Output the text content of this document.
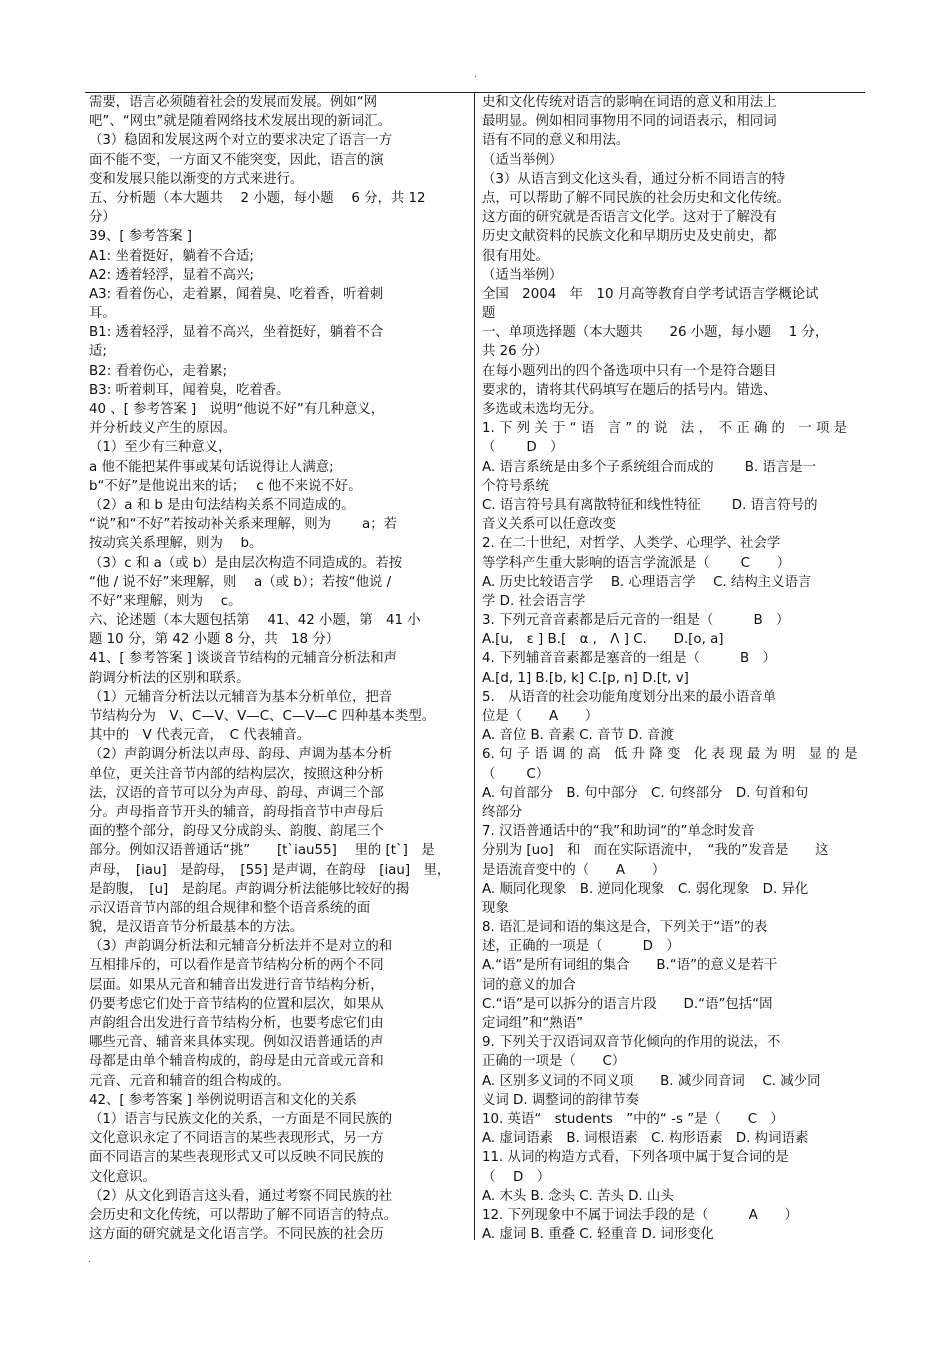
.
需要，语言必须随着社会的发展而发展。例如“网
吧”、“网虫”就是随着网络技术发展出现的新词汇。
（3）稳固和发展这两个对立的要求决定了语言一方
面不能不变，一方面又不能突变，因此，语言的演
变和发展只能以渐变的方式来进行。
五、分析题（本大题共　 2 小题，每小题　 6 分，共 12
分）
39、[ 参考答案 ]
A1: 坐着挺好，躺着不合适;
A2: 透着轻浮，显着不高兴;
A3: 看着伤心，走着累，闻着臭、吃着香，听着刺
耳。
B1: 透着轻浮，显着不高兴，坐着挺好，躺着不合
适;
B2: 看着伤心，走着累;
B3: 听着刺耳，闻着臭，吃着香。
40 、[ 参考答案 ]　说明“他说不好”有几种意义，
并分析歧义产生的原因。
（1）至少有三种意义，
a 他不能把某件事或某句话说得让人满意;
b“不好”是他说出来的话；　 c 他不来说不好。
（2）a 和 b 是由句法结构关系不同造成的。
“说”和“不好”若按动补关系来理解，则为　　 a；若
按动宾关系理解，则为　 b。
（3）c 和 a（或 b）是由层次构造不同造成的。若按
“他 / 说不好”来理解，则　 a（或 b）；若按“他说 /
不好”来理解，则为　 c。
六、论述题（本大题包括第　 41、42 小题，第　41 小
题 10 分，第 42 小题 8 分，共　18 分）
41、[ 参考答案 ] 谈谈音节结构的元辅音分析法和声
韵调分析法的区别和联系。
（1）元辅音分析法以元辅音为基本分析单位，把音
节结构分为　V、C—V、V—C、C—V—C 四种基本类型。
其中的　V 代表元音，　C 代表辅音。
（2）声韵调分析法以声母、韵母、声调为基本分析
单位，更关注音节内部的结构层次，按照这种分析
法，汉语的音节可以分为声母、韵母、声调三个部
分。声母指音节开头的辅音，韵母指音节中声母后
面的整个部分，韵母又分成韵头、韵腹、韵尾三个
部分。例如汉语普通话“挑”　　[t`iau55]　 里的 [t`]　是
声母，　[iau]　是韵母，　[55] 是声调，在韵母　[iau]　里，
是韵腹，　[u]　是韵尾。声韵调分析法能够比较好的揭
示汉语音节内部的组合规律和整个语音系统的面
貌，是汉语音节分析最基本的方法。
（3）声韵调分析法和元辅音分析法并不是对立的和
互相排斥的，可以看作是音节结构分析的两个不同
层面。如果从元音和辅音出发进行音节结构分析，
仍要考虑它们处于音节结构的位置和层次，如果从
声韵组合出发进行音节结构分析，也要考虑它们由
哪些元音、辅音来具体实现。例如汉语普通话的声
母都是由单个辅音构成的，韵母是由元音或元音和
元音、元音和辅音的组合构成的。
42、[ 参考答案 ] 举例说明语言和文化的关系
（1）语言与民族文化的关系，一方面是不同民族的
文化意识永定了不同语言的某些表现形式，另一方
面不同语言的某些表现形式又可以反映不同民族的
文化意识。
（2）从文化到语言这头看，通过考察不同民族的社
会历史和文化传统，可以帮助了解不同语言的特点。
这方面的研究就是文化语言学。不同民族的社会历
史和文化传统对语言的影响在词语的意义和用法上
最明显。例如相同事物用不同的词语表示，相同词
语有不同的意义和用法。
（适当举例）
（3）从语言到文化这头看，通过分析不同语言的特
点，可以帮助了解不同民族的社会历史和文化传统。
这方面的研究就是否语言文化学。这对于了解没有
历史文献资料的民族文化和早期历史及史前史，都
很有用处。
（适当举例）
全国　2004　年　10 月高等教育自学考试语言学概论试
题
一、单项选择题（本大题共　　26 小题，每小题　 1 分，
共 26 分）
在每小题列出的四个备选项中只有一个是符合题目
要求的，请将其代码填写在题后的括号内。错选、
多选或未选均无分。
1. 下 列 关 于 “ 语　言 ” 的 说　法 ，　不 正 确 的　一 项 是
（　　 D　）
A. 语言系统是由多个子系统组合而成的　　 B. 语言是一
个符号系统
C. 语言符号具有离散特征和线性特征　　 D. 语言符号的
音义关系可以任意改变
2. 在二十世纪，对哲学、人类学、心理学、社会学
等学科产生重大影响的语言学流派是（　　 C　　）
A. 历史比较语言学　 B. 心理语言学　 C. 结构主义语言
学 D. 社会语言学
3. 下列元音音素都是后元音的一组是（　　　B　）
A.[u,　ɛ ] B.[　α ,　Λ ] C.　　D.[o, a]
4. 下列辅音音素都是塞音的一组是（　　　B　）
A.[d, 1] B.[b, k] C.[p, n] D.[t, v]
5.　从语音的社会功能角度划分出来的最小语音单
位是（　　A　　）
A. 音位 B. 音素 C. 音节 D. 音渡
6. 句 子 语 调 的 高　低 升 降 变　化 表 现 最 为 明　显 的 是
（　　 C）
A. 句首部分　B. 句中部分　C. 句终部分　D. 句首和句
终部分
7. 汉语普通话中的“我”和助词“的”单念时发音
分别为 [uo]　和　而在实际语流中，　“我的”发音是　　这
是语流音变中的（　　A　　）
A. 顺同化现象　B. 逆同化现象　C. 弱化现象　D. 异化
现象
8. 语汇是词和语的集这是合，下列关于“语”的表
述，正确的一项是（　　　D　）
A.“语”是所有词组的集合　　B.“语”的意义是若干
词的意义的加合
C.“语”是可以拆分的语言片段　　D.“语”包括“固
定词组”和“熟语”
9. 下列关于汉语词双音节化倾向的作用的说法，不
正确的一项是（　　C）
A. 区别多义词的不同义项　　B. 减少同音词　 C. 减少同
义词 D. 调整词的韵律节奏
10. 英语“　students　”中的“ -s ”是（　　C　）
A. 虚词语素　B. 词根语素　C. 构形语素　D. 构词语素
11. 从词的构造方式看，下列各项中属于复合词的是
（　 D　）
A. 木头 B. 念头 C. 苦头 D. 山头
12. 下列现象中不属于词法手段的是（　　　A　　）
A. 虚词 B. 重叠 C. 轻重音 D. 词形变化
.
